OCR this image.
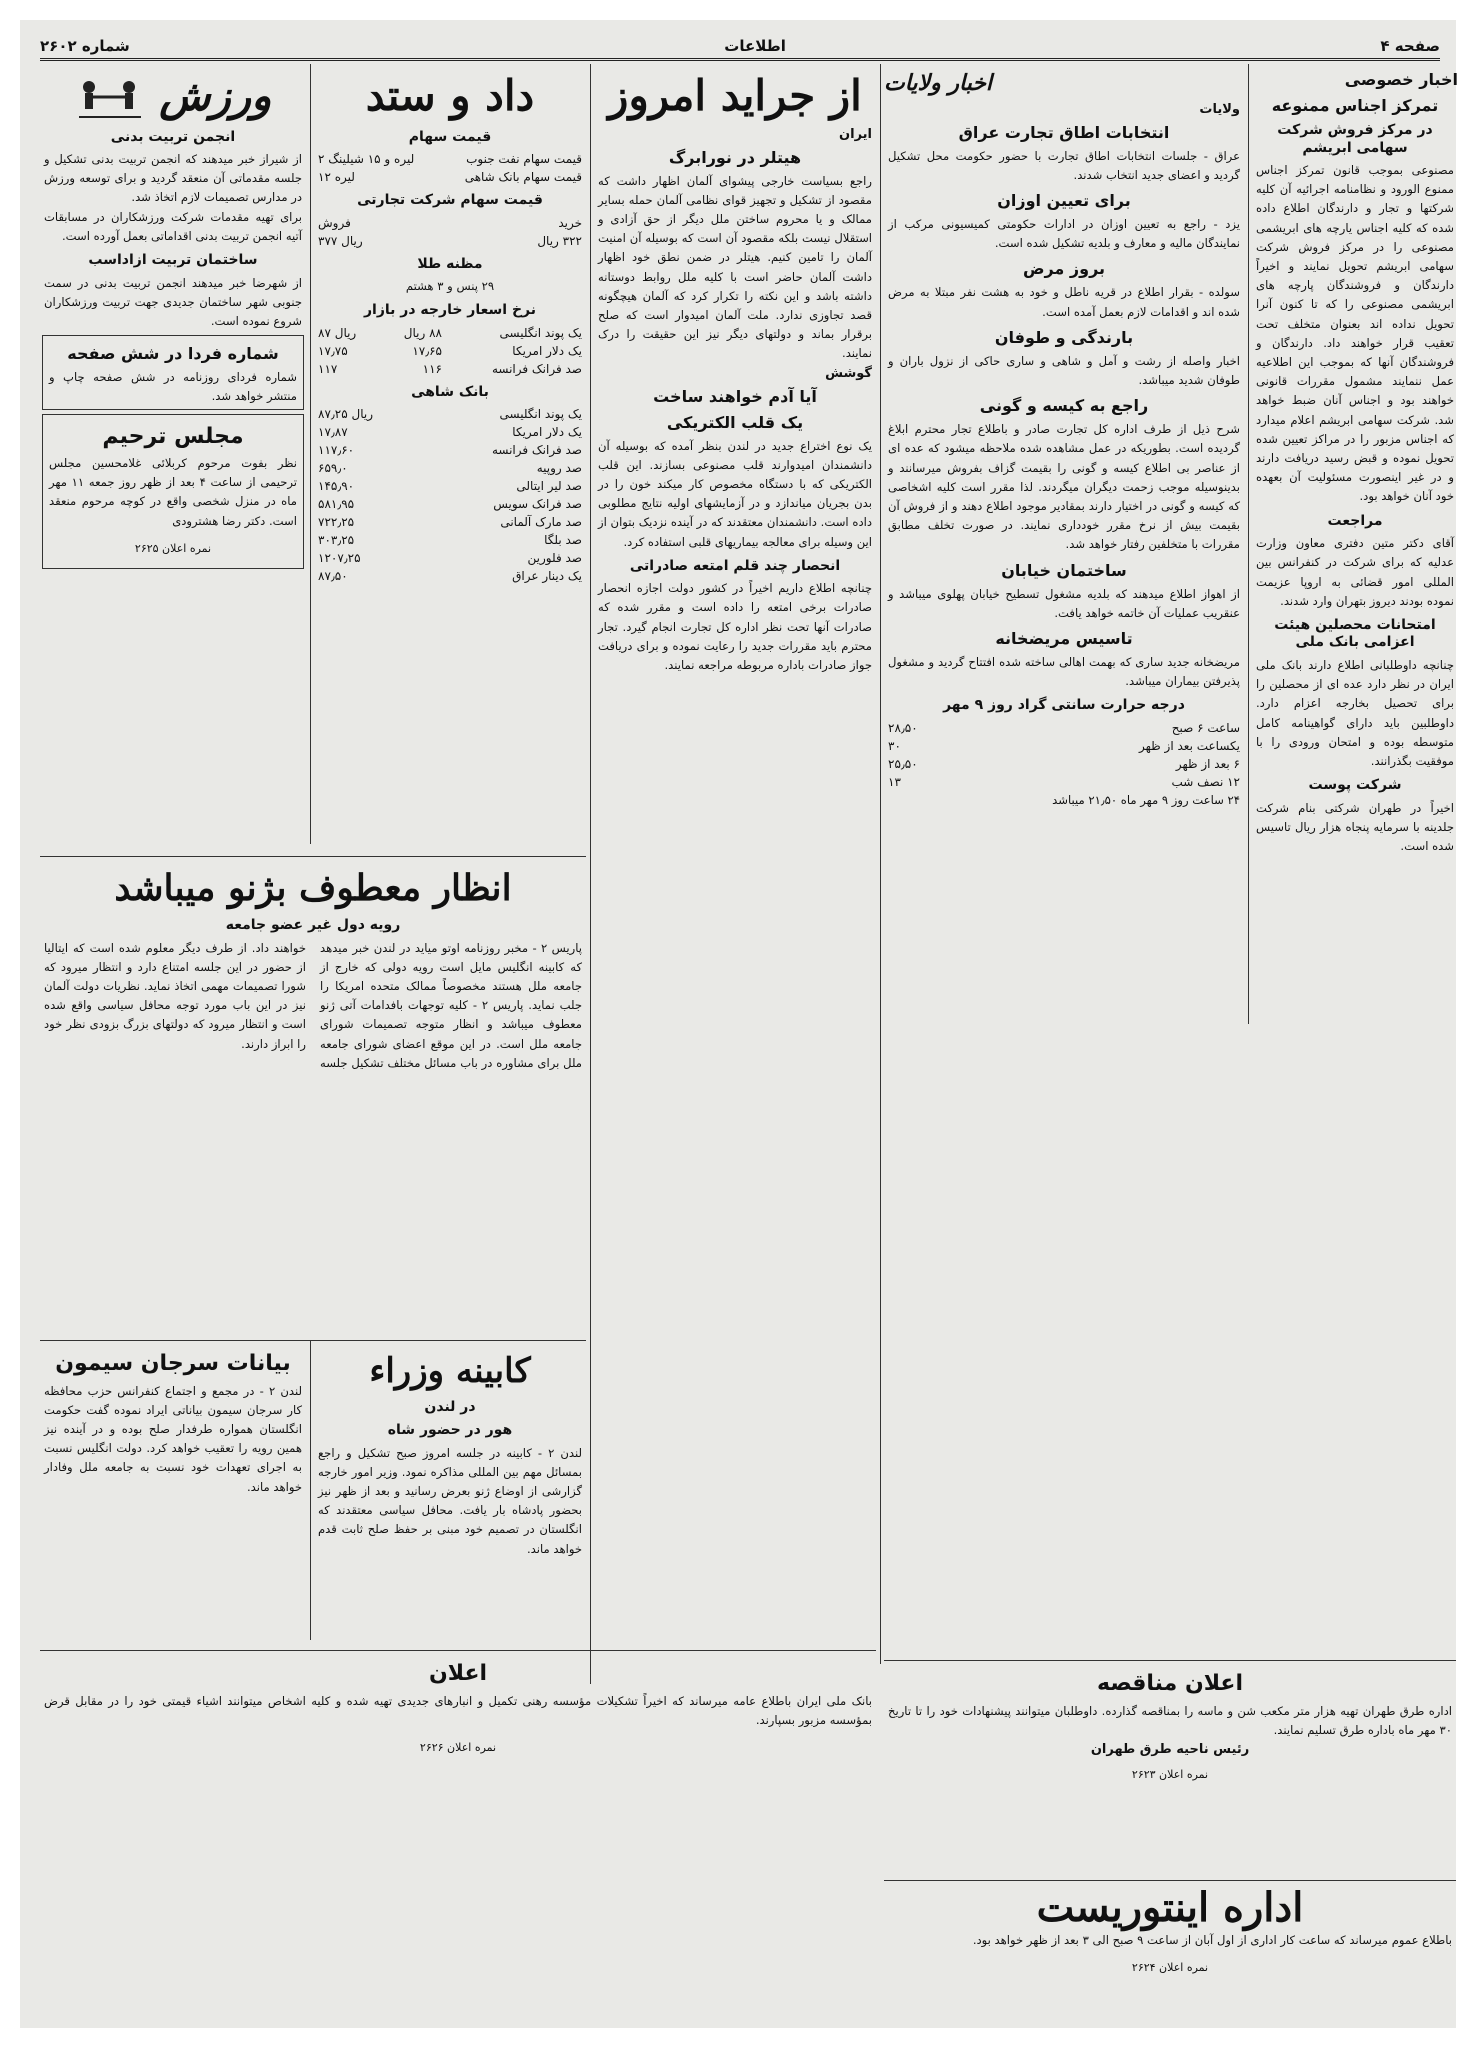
صفحه ۴
اطلاعات
شماره ۲۶۰۲
اخبار خصوصی
تمرکز اجناس ممنوعه
در مرکز فروش شرکت سهامی ابریشم

مصنوعی بموجب قانون تمرکز اجناس ممنوع الورود و نظامنامه اجرائیه آن کلیه شرکتها و تجار و دارندگان اطلاع داده شده که کلیه اجناس یارچه های ابریشمی مصنوعی را در مرکز فروش شرکت سهامی ابریشم تحویل نمایند و اخیراً دارندگان و فروشندگان پارچه های ابریشمی مصنوعی را که تا کنون آنرا تحویل نداده اند بعنوان متخلف تحت تعقیب قرار خواهند داد. دارندگان و فروشندگان آنها که بموجب این اطلاعیه عمل ننمایند مشمول مقررات قانونی خواهند بود و اجناس آنان ضبط خواهد شد. شرکت سهامی ابریشم اعلام میدارد که اجناس مزبور را در مراکز تعیین شده تحویل نموده و قبض رسید دریافت دارند و در غیر اینصورت مسئولیت آن بعهده خود آنان خواهد بود.

مراجعت

آقای دکتر متین دفتری معاون وزارت عدلیه که برای شرکت در کنفرانس بین المللی امور قضائی به اروپا عزیمت نموده بودند دیروز بتهران وارد شدند.

امتحانات محصلین هیئت اعزامی بانک ملی

چنانچه داوطلبانی اطلاع دارند بانک ملی ایران در نظر دارد عده ای از محصلین را برای تحصیل بخارجه اعزام دارد. داوطلبین باید دارای گواهینامه کامل متوسطه بوده و امتحان ورودی را با موفقیت بگذرانند.

شرکت پوست

اخیراً در طهران شرکتی بنام شرکت جلدینه با سرمایه پنجاه هزار ریال تاسیس شده است.

اخبار ولایات
ولایات
انتخابات اطاق تجارت عراق

عراق - جلسات انتخابات اطاق تجارت با حضور حکومت محل تشکیل گردید و اعضای جدید انتخاب شدند.

برای تعیین اوزان

یزد - راجع به تعیین اوزان در ادارات حکومتی کمیسیونی مرکب از نمایندگان مالیه و معارف و بلدیه تشکیل شده است.

بروز مرض

سولده - بقرار اطلاع در قریه ناطل و خود به هشت نفر مبتلا به مرض شده اند و اقدامات لازم بعمل آمده است.

بارندگی و طوفان

اخبار واصله از رشت و آمل و شاهی و ساری حاکی از نزول باران و طوفان شدید میباشد.

راجع به کیسه و گونی

شرح ذیل از طرف اداره کل تجارت صادر و باطلاع تجار محترم ابلاغ گردیده است. بطوریکه در عمل مشاهده شده ملاحظه میشود که عده ای از عناصر بی اطلاع کیسه و گونی را بقیمت گزاف بفروش میرسانند و بدینوسیله موجب زحمت دیگران میگردند. لذا مقرر است کلیه اشخاصی که کیسه و گونی در اختیار دارند بمقادیر موجود اطلاع دهند و از فروش آن بقیمت بیش از نرخ مقرر خودداری نمایند. در صورت تخلف مطابق مقررات با متخلفین رفتار خواهد شد.

ساختمان خیابان

از اهواز اطلاع میدهند که بلدیه مشغول تسطیح خیابان پهلوی میباشد و عنقریب عملیات آن خاتمه خواهد یافت.

تاسیس مریضخانه

مریضخانه جدید ساری که بهمت اهالی ساخته شده افتتاح گردید و مشغول پذیرفتن بیماران میباشد.

درجه حرارت سانتی گراد روز ۹ مهر
ساعت ۶ صبح	۲۸٫۵۰
یکساعت بعد از ظهر	۳۰
۶ بعد از ظهر	۲۵٫۵۰
۱۲ نصف شب	۱۳

۲۴ ساعت روز ۹ مهر ماه ۲۱٫۵۰ میباشد

از جراید امروز
ایران
هیتلر در نورابرگ

راجع بسیاست خارجی پیشوای آلمان اظهار داشت که مقصود از تشکیل و تجهیز قوای نظامی آلمان حمله بسایر ممالک و یا محروم ساختن ملل دیگر از حق آزادی و استقلال نیست بلکه مقصود آن است که بوسیله آن امنیت آلمان را تامین کنیم. هیتلر در ضمن نطق خود اظهار داشت آلمان حاضر است با کلیه ملل روابط دوستانه داشته باشد و این نکته را تکرار کرد که آلمان هیچگونه قصد تجاوزی ندارد. ملت آلمان امیدوار است که صلح برقرار بماند و دولتهای دیگر نیز این حقیقت را درک نمایند.

گوشش
آیا آدم خواهند ساخت
یک قلب الکتریکی

یک نوع اختراع جدید در لندن بنظر آمده که بوسیله آن دانشمندان امیدوارند قلب مصنوعی بسازند. این قلب الکتریکی که با دستگاه مخصوص کار میکند خون را در بدن بجریان میاندازد و در آزمایشهای اولیه نتایج مطلوبی داده است. دانشمندان معتقدند که در آینده نزدیک بتوان از این وسیله برای معالجه بیماریهای قلبی استفاده کرد.

انحصار چند قلم امتعه صادراتی

چنانچه اطلاع داریم اخیراً در کشور دولت اجازه انحصار صادرات برخی امتعه را داده است و مقرر شده که صادرات آنها تحت نظر اداره کل تجارت انجام گیرد. تجار محترم باید مقررات جدید را رعایت نموده و برای دریافت جواز صادرات باداره مربوطه مراجعه نمایند.

داد و ستد
قیمت سهام
قیمت سهام نفت جنوب	۲ لیره و ۱۵ شیلینگ
قیمت سهام بانک شاهی	۱۲ لیره
قیمت سهام شرکت تجارتی
خرید	فروش
۳۲۲ ریال	۳۷۷ ریال
مظنه طلا

۲۹ پنس و ۳ هشتم

نرخ اسعار خارجه در بازار
یک پوند انگلیسی	۸۸ ریال	۸۷ ریال
یک دلار امریکا	۱۷٫۶۵	۱۷٫۷۵
صد فرانک فرانسه	۱۱۶	۱۱۷
بانک شاهی
یک پوند انگلیسی	۸۷٫۲۵ ریال
یک دلار امریکا	۱۷٫۸۷
صد فرانک فرانسه	۱۱۷٫۶۰
صد روپیه	۶۵۹٫۰
صد لیر ایتالی	۱۴۵٫۹۰
صد فرانک سویس	۵۸۱٫۹۵
صد مارک آلمانی	۷۲۲٫۲۵
صد بلگا	۳۰۳٫۲۵
صد فلورین	۱۲۰۷٫۲۵
یک دینار عراق	۸۷٫۵۰
ورزش
انجمن تربیت بدنی

از شیراز خبر میدهند که انجمن تربیت بدنی تشکیل و جلسه مقدماتی آن منعقد گردید و برای توسعه ورزش در مدارس تصمیمات لازم اتخاذ شد.

برای تهیه مقدمات شرکت ورزشکاران در مسابقات آتیه انجمن تربیت بدنی اقداماتی بعمل آورده است.

ساختمان تربیت ازاداسب

از شهرضا خبر میدهند انجمن تربیت بدنی در سمت جنوبی شهر ساختمان جدیدی جهت تربیت ورزشکاران شروع نموده است.

شماره فردا در شش صفحه

شماره فردای روزنامه در شش صفحه چاپ و منتشر خواهد شد.

مجلس ترحیم

نظر بفوت مرحوم کربلائی غلامحسین مجلس ترحیمی از ساعت ۴ بعد از ظهر روز جمعه ۱۱ مهر ماه در منزل شخصی واقع در کوچه مرحوم منعقد است. دکتر رضا هشترودی

نمره اعلان ۲۶۲۵

انظار معطوف بژنو میباشد
رویه دول غیر عضو جامعه

پاریس ۲ - مخبر روزنامه اوتو میاید در لندن خبر میدهد که کابینه انگلیس مایل است رویه دولی که خارج از جامعه ملل هستند مخصوصاً ممالک متحده امریکا را جلب نماید. پاریس ۲ - کلیه توجهات بافدامات آتی ژنو معطوف میباشد و انظار متوجه تصمیمات شورای جامعه ملل است. در این موقع اعضای شورای جامعه ملل برای مشاوره در باب مسائل مختلف تشکیل جلسه خواهند داد. از طرف دیگر معلوم شده است که ایتالیا از حضور در این جلسه امتناع دارد و انتظار میرود که شورا تصمیمات مهمی اتخاذ نماید. نظریات دولت آلمان نیز در این باب مورد توجه محافل سیاسی واقع شده است و انتظار میرود که دولتهای بزرگ بزودی نظر خود را ابراز دارند.

کابینه وزراء
در لندن
هور در حضور شاه

لندن ۲ - کابینه در جلسه امروز صبح تشکیل و راجع بمسائل مهم بین المللی مذاکره نمود. وزیر امور خارجه گزارشی از اوضاع ژنو بعرض رسانید و بعد از ظهر نیز بحضور پادشاه بار یافت. محافل سیاسی معتقدند که انگلستان در تصمیم خود مبنی بر حفظ صلح ثابت قدم خواهد ماند.

بیانات سرجان سیمون

لندن ۲ - در مجمع و اجتماع کنفرانس حزب محافظه کار سرجان سیمون بیاناتی ایراد نموده گفت حکومت انگلستان همواره طرفدار صلح بوده و در آینده نیز همین رویه را تعقیب خواهد کرد. دولت انگلیس نسبت به اجرای تعهدات خود نسبت به جامعه ملل وفادار خواهد ماند.

اعلان

بانک ملی ایران باطلاع عامه میرساند که اخیراً تشکیلات مؤسسه رهنی تکمیل و انبارهای جدیدی تهیه شده و کلیه اشخاص میتوانند اشیاء قیمتی خود را در مقابل قرض بمؤسسه مزبور بسپارند.

نمره اعلان ۲۶۲۶

اعلان مناقصه

اداره طرق طهران تهیه هزار متر مکعب شن و ماسه را بمناقصه گذارده. داوطلبان میتوانند پیشنهادات خود را تا تاریخ ۳۰ مهر ماه باداره طرق تسلیم نمایند.

رئیس ناحیه طرق طهران

نمره اعلان ۲۶۲۳

اداره اینتوریست

باطلاع عموم میرساند که ساعت کار اداری از اول آبان از ساعت ۹ صبح الی ۳ بعد از ظهر خواهد بود.

نمره اعلان ۲۶۲۴
